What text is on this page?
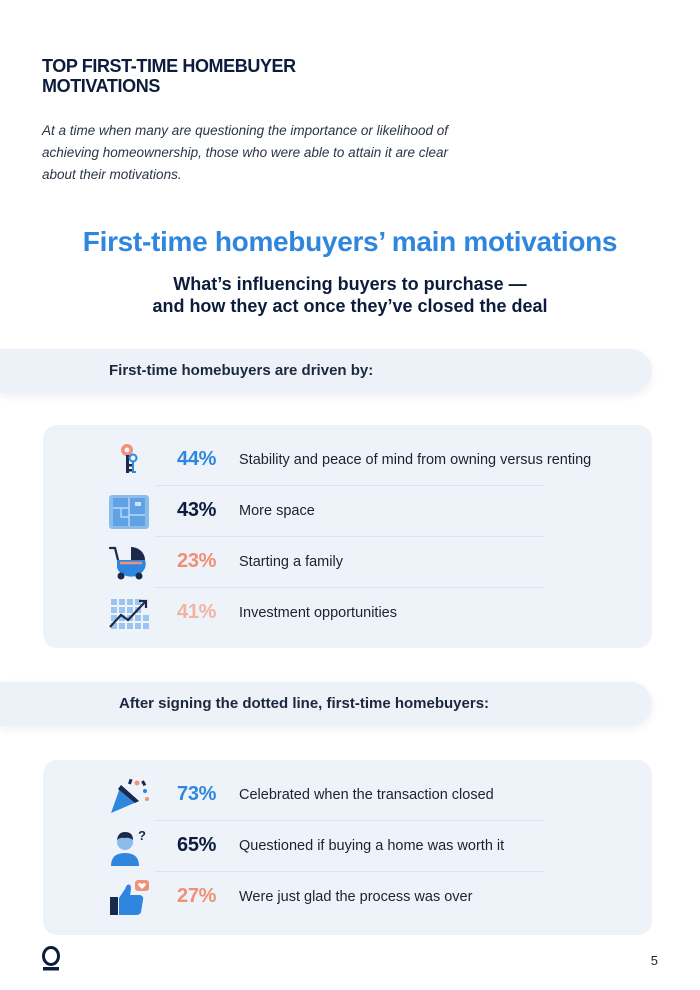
TOP FIRST-TIME HOMEBUYER MOTIVATIONS

At a time when many are questioning the importance or likelihood of achieving homeownership, those who were able to attain it are clear about their motivations.

First-time homebuyers’ main motivations
What’s influencing buyers to purchase —
and how they act once they’ve closed the deal
First-time homebuyers are driven by:
44% Stability and peace of mind from owning versus renting
43% More space
23% Starting a family
41% Investment opportunities
After signing the dotted line, first-time homebuyers:
73% Celebrated when the transaction closed
? 65% Questioned if buying a home was worth it
27% Were just glad the process was over
5
